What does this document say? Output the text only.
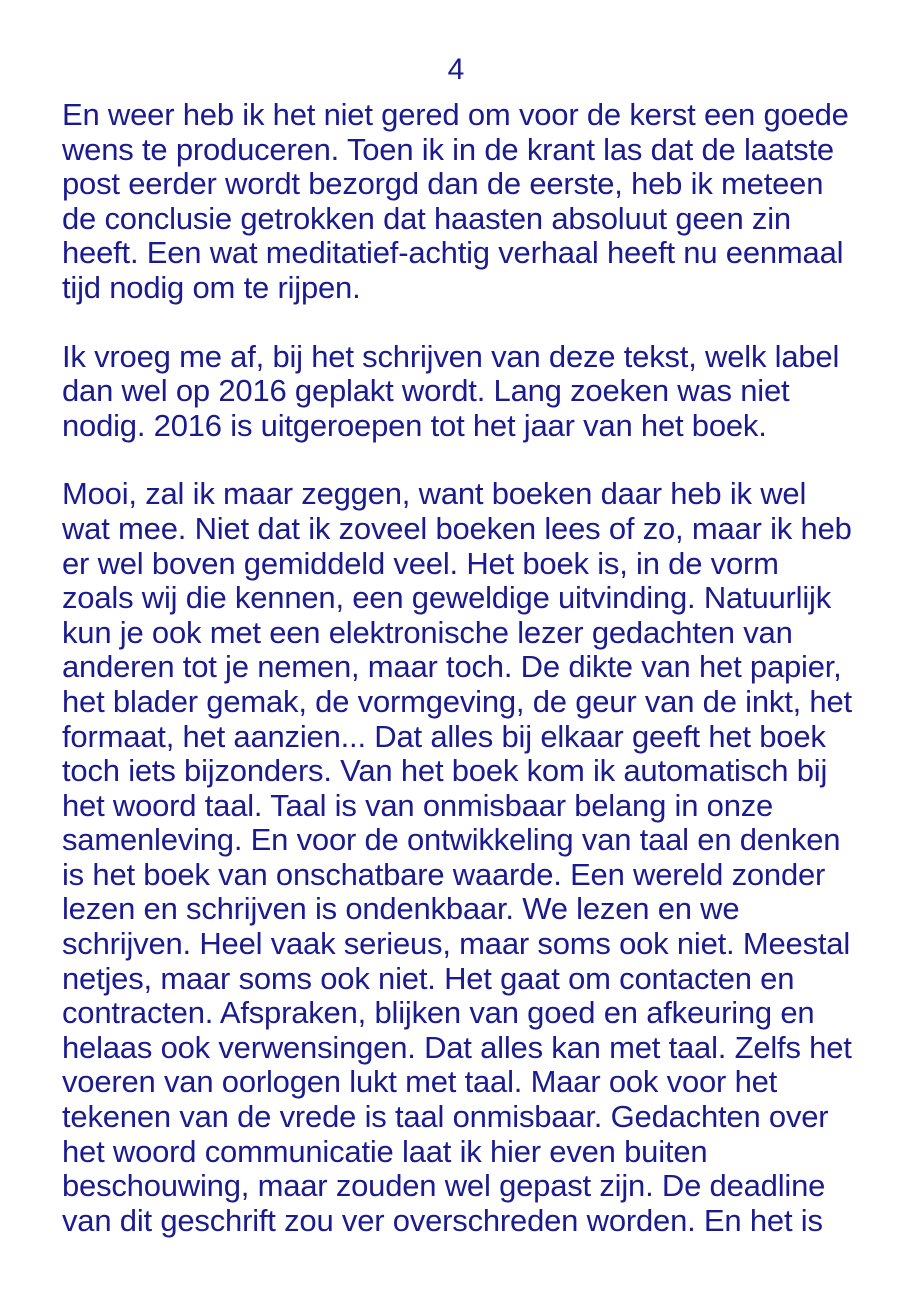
4
En weer heb ik het niet gered om voor de kerst een goede
wens te produceren. Toen ik in de krant las dat de laatste
post eerder wordt bezorgd dan de eerste, heb ik meteen
de conclusie getrokken dat haasten absoluut geen zin
heeft. Een wat meditatief-achtig verhaal heeft nu eenmaal
tijd nodig om te rijpen.
Ik vroeg me af, bij het schrijven van deze tekst, welk label
dan wel op 2016 geplakt wordt. Lang zoeken was niet
nodig. 2016 is uitgeroepen tot het jaar van het boek.
Mooi, zal ik maar zeggen, want boeken daar heb ik wel
wat mee. Niet dat ik zoveel boeken lees of zo, maar ik heb
er wel boven gemiddeld veel. Het boek is, in de vorm
zoals wij die kennen, een geweldige uitvinding. Natuurlijk
kun je ook met een elektronische lezer gedachten van
anderen tot je nemen, maar toch. De dikte van het papier,
het blader gemak, de vormgeving, de geur van de inkt, het
formaat, het aanzien... Dat alles bij elkaar geeft het boek
toch iets bijzonders. Van het boek kom ik automatisch bij
het woord taal. Taal is van onmisbaar belang in onze
samenleving. En voor de ontwikkeling van taal en denken
is het boek van onschatbare waarde. Een wereld zonder
lezen en schrijven is ondenkbaar. We lezen en we
schrijven. Heel vaak serieus, maar soms ook niet. Meestal
netjes, maar soms ook niet. Het gaat om contacten en
contracten. Afspraken, blijken van goed en afkeuring en
helaas ook verwensingen. Dat alles kan met taal. Zelfs het
voeren van oorlogen lukt met taal. Maar ook voor het
tekenen van de vrede is taal onmisbaar. Gedachten over
het woord communicatie laat ik hier even buiten
beschouwing, maar zouden wel gepast zijn. De deadline
van dit geschrift zou ver overschreden worden. En het is
